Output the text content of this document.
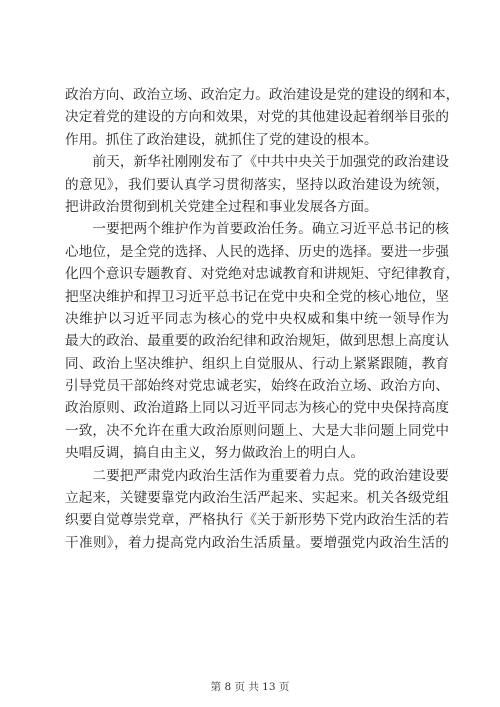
政治方向、政治立场、政治定力。政治建设是党的建设的纲和本，
决定着党的建设的方向和效果，对党的其他建设起着纲举目张的
作用。抓住了政治建设，就抓住了党的建设的根本。
　　前天，新华社刚刚发布了《中共中央关于加强党的政治建设
的意见》，我们要认真学习贯彻落实，坚持以政治建设为统领，
把讲政治贯彻到机关党建全过程和事业发展各方面。
　　一要把两个维护作为首要政治任务。确立习近平总书记的核
心地位，是全党的选择、人民的选择、历史的选择。要进一步强
化四个意识专题教育、对党绝对忠诚教育和讲规矩、守纪律教育，
把坚决维护和捍卫习近平总书记在党中央和全党的核心地位，坚
决维护以习近平同志为核心的党中央权威和集中统一领导作为
最大的政治、最重要的政治纪律和政治规矩，做到思想上高度认
同、政治上坚决维护、组织上自觉服从、行动上紧紧跟随，教育
引导党员干部始终对党忠诚老实，始终在政治立场、政治方向、
政治原则、政治道路上同以习近平同志为核心的党中央保持高度
一致，决不允许在重大政治原则问题上、大是大非问题上同党中
央唱反调，搞自由主义，努力做政治上的明白人。
　　二要把严肃党内政治生活作为重要着力点。党的政治建设要
立起来，关键要靠党内政治生活严起来、实起来。机关各级党组
织要自觉尊崇党章，严格执行《关于新形势下党内政治生活的若
干准则》，着力提高党内政治生活质量。要增强党内政治生活的
第 8 页 共 13 页
